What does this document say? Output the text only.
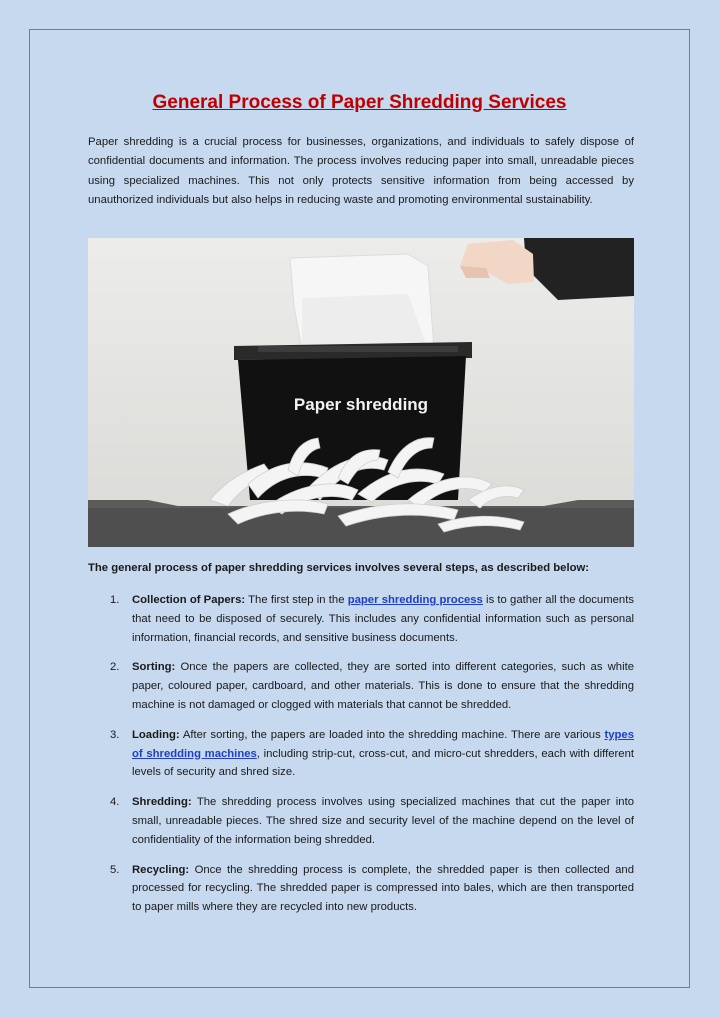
General Process of Paper Shredding Services

Paper shredding is a crucial process for businesses, organizations, and individuals to safely dispose of confidential documents and information. The process involves reducing paper into small, unreadable pieces using specialized machines. This not only protects sensitive information from being accessed by unauthorized individuals but also helps in reducing waste and promoting environmental sustainability.

Paper shredding

The general process of paper shredding services involves several steps, as described below:

1. Collection of Papers: The first step in the paper shredding process is to gather all the documents that need to be disposed of securely. This includes any confidential information such as personal information, financial records, and sensitive business documents.
2. Sorting: Once the papers are collected, they are sorted into different categories, such as white paper, coloured paper, cardboard, and other materials. This is done to ensure that the shredding machine is not damaged or clogged with materials that cannot be shredded.
3. Loading: After sorting, the papers are loaded into the shredding machine. There are various types of shredding machines, including strip-cut, cross-cut, and micro-cut shredders, each with different levels of security and shred size.
4. Shredding: The shredding process involves using specialized machines that cut the paper into small, unreadable pieces. The shred size and security level of the machine depend on the level of confidentiality of the information being shredded.
5. Recycling: Once the shredding process is complete, the shredded paper is then collected and processed for recycling. The shredded paper is compressed into bales, which are then transported to paper mills where they are recycled into new products.
